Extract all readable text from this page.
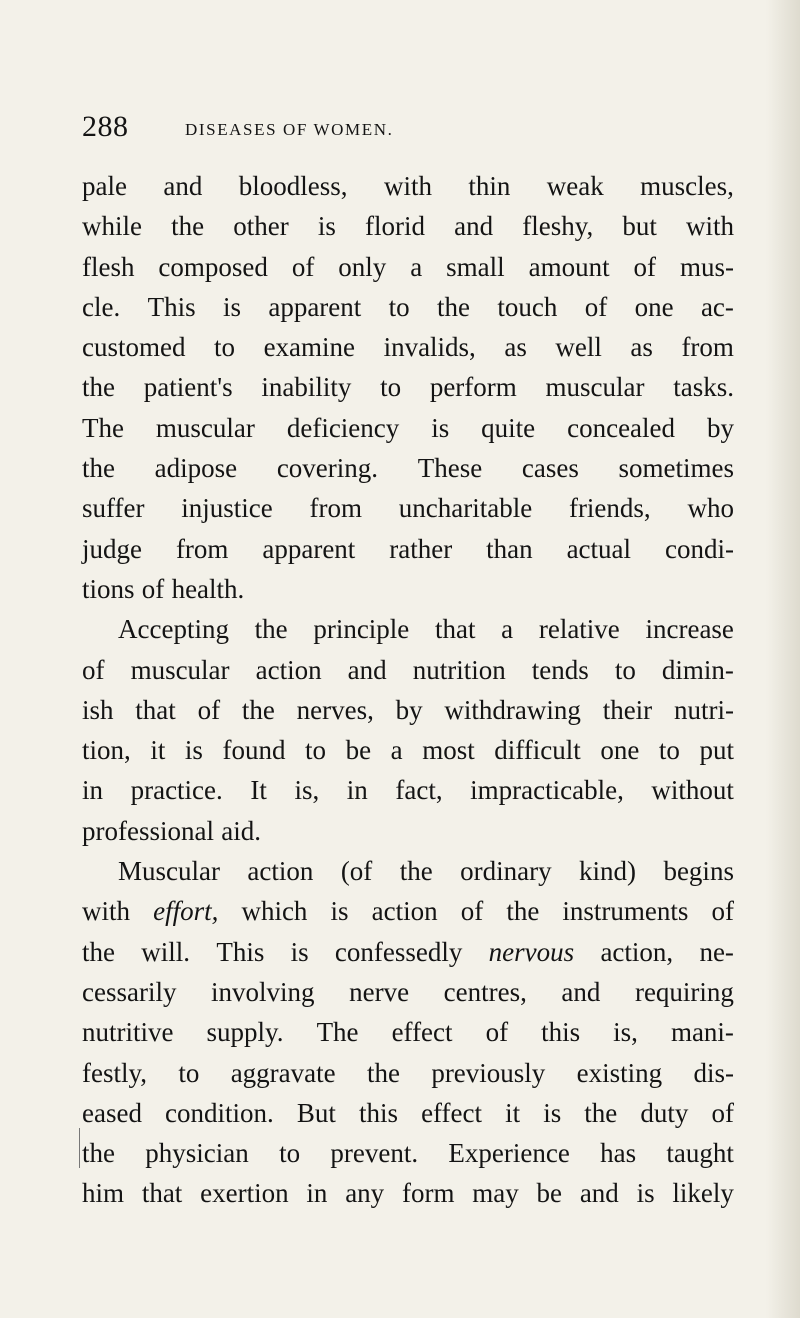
288	DISEASES OF WOMEN.
pale and bloodless, with thin weak muscles,
while the other is florid and fleshy, but with
flesh composed of only a small amount of mus-
cle. This is apparent to the touch of one ac-
customed to examine invalids, as well as from
the patient's inability to perform muscular tasks.
The muscular deficiency is quite concealed by
the adipose covering. These cases sometimes
suffer injustice from uncharitable friends, who
judge from apparent rather than actual condi-
tions of health.
Accepting the principle that a relative increase
of muscular action and nutrition tends to dimin-
ish that of the nerves, by withdrawing their nutri-
tion, it is found to be a most difficult one to put
in practice. It is, in fact, impracticable, without
professional aid.
Muscular action (of the ordinary kind) begins
with effort, which is action of the instruments of
the will. This is confessedly nervous action, ne-
cessarily involving nerve centres, and requiring
nutritive supply. The effect of this is, mani-
festly, to aggravate the previously existing dis-
eased condition. But this effect it is the duty of
the physician to prevent. Experience has taught
him that exertion in any form may be and is likely
